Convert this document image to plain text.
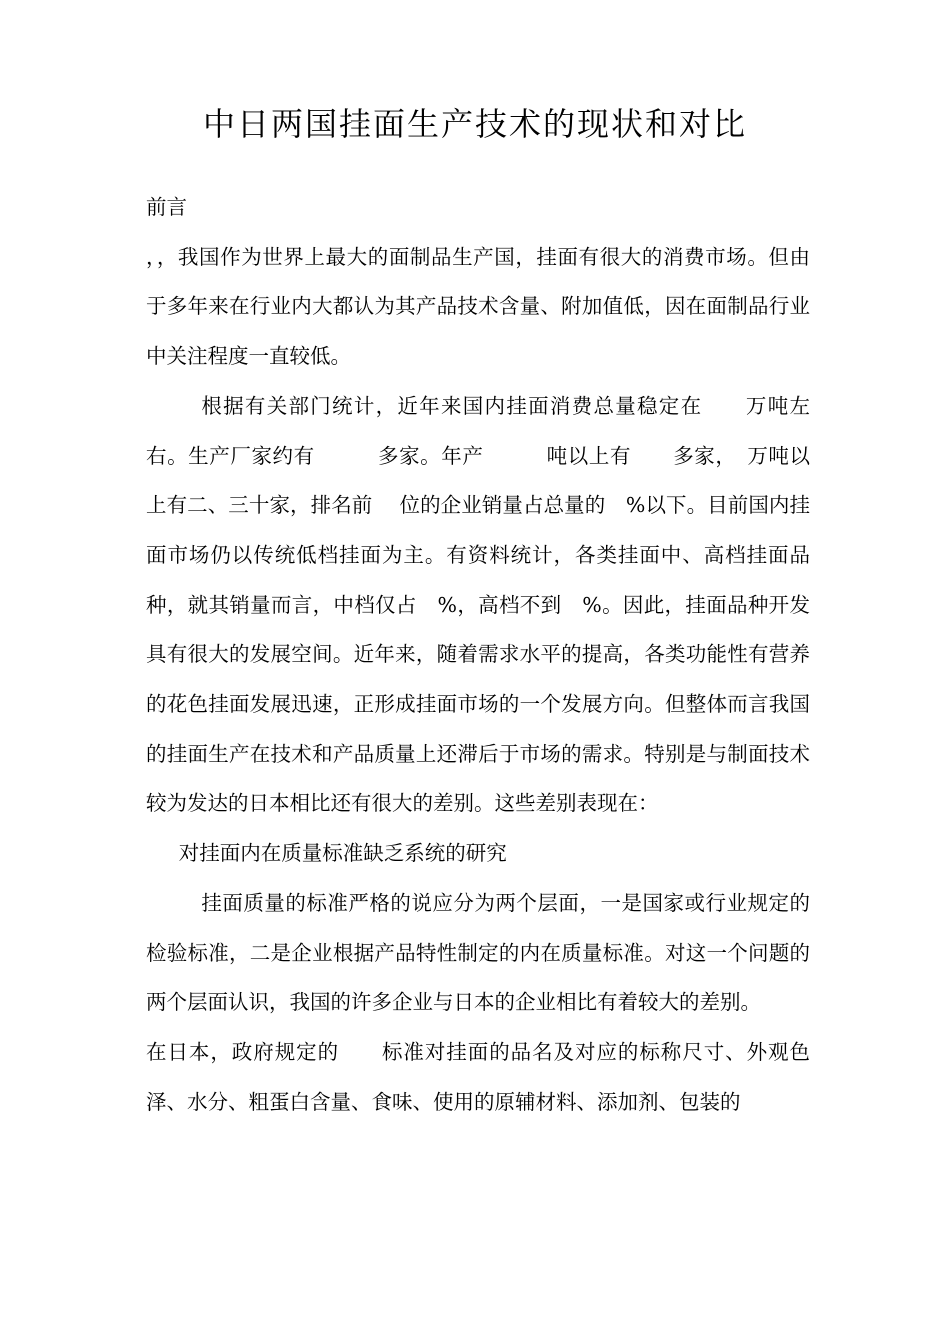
中日两国挂面生产技术的现状和对比

前言

，，我国作为世界上最大的面制品生产国，挂面有很大的消费市场。但由于多年来在行业内大都认为其产品技术含量、附加值低，因在面制品行业中关注程度一直较低。

根据有关部门统计，近年来国内挂面消费总量稳定在　　万吨左右。生产厂家约有　　　多家。年产　　　吨以上有　　多家，　万吨以上有二、三十家，排名前　 位的企业销量占总量的　%以下。目前国内挂面市场仍以传统低档挂面为主。有资料统计，各类挂面中、高档挂面品种，就其销量而言，中档仅占　%，高档不到　%。因此，挂面品种开发具有很大的发展空间。近年来，随着需求水平的提高，各类功能性有营养的花色挂面发展迅速，正形成挂面市场的一个发展方向。但整体而言我国的挂面生产在技术和产品质量上还滞后于市场的需求。特别是与制面技术较为发达的日本相比还有很大的差别。这些差别表现在：

对挂面内在质量标准缺乏系统的研究

挂面质量的标准严格的说应分为两个层面，一是国家或行业规定的检验标准，二是企业根据产品特性制定的内在质量标准。对这一个问题的两个层面认识，我国的许多企业与日本的企业相比有着较大的差别。

在日本，政府规定的　　标准对挂面的品名及对应的标称尺寸、外观色泽、水分、粗蛋白含量、食味、使用的原辅材料、添加剂、包装的
